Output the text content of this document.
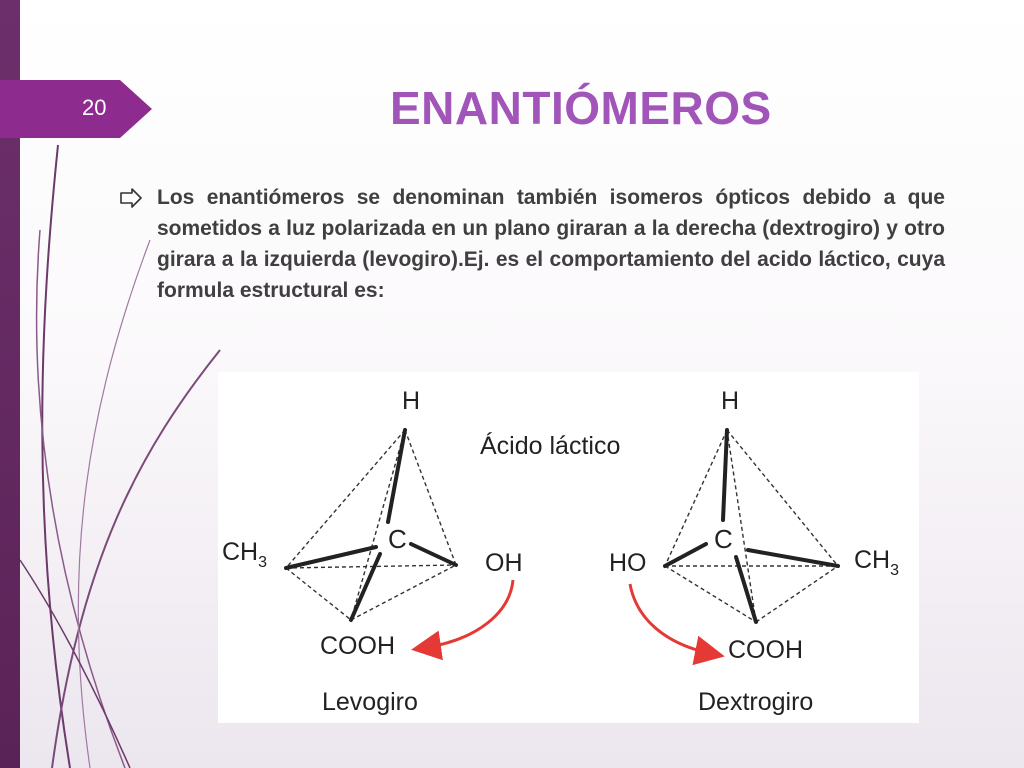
20	ENANTIÓMEROS
Los enantiómeros se denominan también isomeros ópticos debido a que sometidos a luz polarizada en un plano giraran a la derecha (dextrogiro) y otro girara a la izquierda (levogiro).Ej. es el comportamiento del acido láctico, cuya formula estructural es:
Ácido láctico
H
C
$CH_3$	OH
COOH
Levogiro
H
C
HO	$CH_3$
COOH
Dextrogiro
